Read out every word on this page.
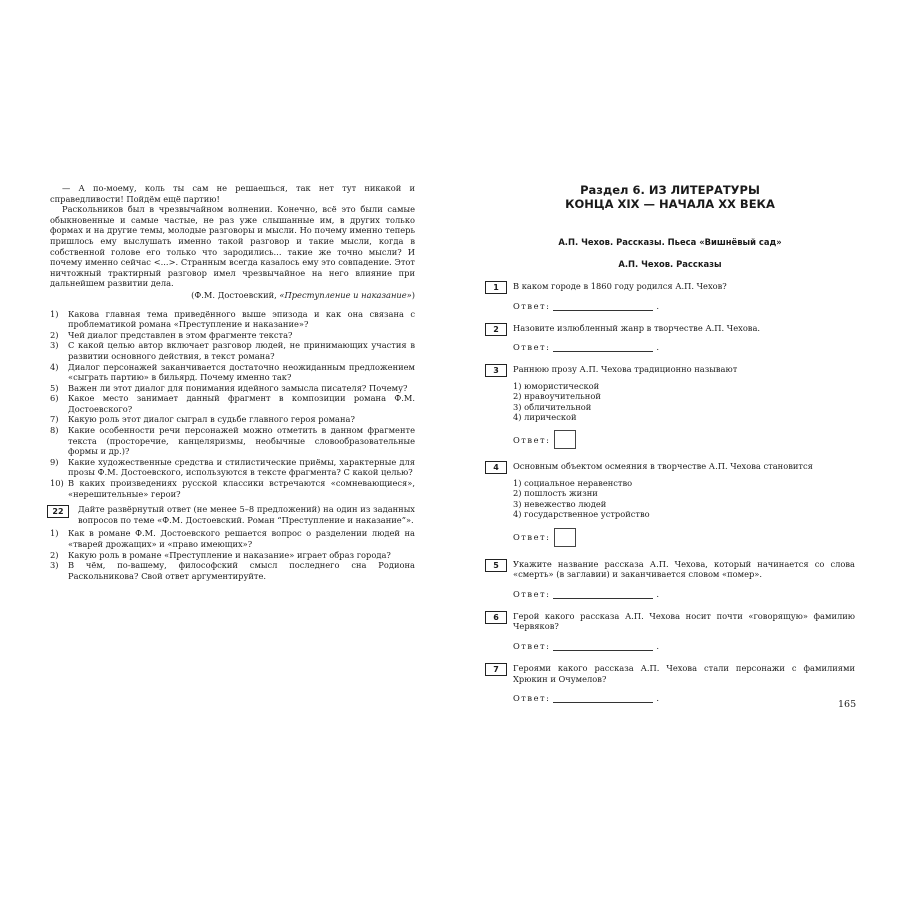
— А по-моему, коль ты сам не решаешься, так нет тут никакой и справедливости! Пойдём ещё партию!

Раскольников был в чрезвычайном волнении. Конечно, всё это были самые обыкновенные и самые частые, не раз уже слышанные им, в других только формах и на другие темы, молодые разговоры и мысли. Но почему именно теперь пришлось ему выслушать именно такой разговор и такие мысли, когда в собственной голове его только что зародились... такие же точно мысли? И почему именно сейчас <...>. Странным всегда казалось ему это совпадение. Этот ничтожный трактирный разговор имел чрезвычайное на него влияние при дальнейшем развитии дела.

(Ф.М. Достоевский, «Преступление и наказание»)
1) Какова главная тема приведённого выше эпизода и как она связана с проблематикой романа «Преступление и наказание»?
2) Чей диалог представлен в этом фрагменте текста?
3) С какой целью автор включает разговор людей, не принимающих участия в развитии основного действия, в текст романа?
4) Диалог персонажей заканчивается достаточно неожиданным предложением «сыграть партию» в бильярд. Почему именно так?
5) Важен ли этот диалог для понимания идейного замысла писателя? Почему?
6) Какое место занимает данный фрагмент в композиции романа Ф.М. Достоевского?
7) Какую роль этот диалог сыграл в судьбе главного героя романа?
8) Какие особенности речи персонажей можно отметить в данном фрагменте текста (просторечие, канцеляризмы, необычные словообразовательные формы и др.)?
9) Какие художественные средства и стилистические приёмы, характерные для прозы Ф.М. Достоевского, используются в тексте фрагмента? С какой целью?
10) В каких произведениях русской классики встречаются «сомневающиеся», «нерешительные» герои?
22	Дайте развёрнутый ответ (не менее 5–8 предложений) на один из заданных вопросов по теме «Ф.М. Достоевский. Роман “Преступление и наказание”».

1) Как в романе Ф.М. Достоевского решается вопрос о разделении людей на «тварей дрожащих» и «право имеющих»?
2) Какую роль в романе «Преступление и наказание» играет образ города?
3) В чём, по-вашему, философский смысл последнего сна Родиона Раскольникова? Свой ответ аргументируйте.
Раздел 6. ИЗ ЛИТЕРАТУРЫ
КОНЦА XIX — НАЧАЛА XX ВЕКА
А.П. Чехов. Рассказы. Пьеса «Вишнёвый сад»
А.П. Чехов. Рассказы
1	В каком городе в 1860 году родился А.П. Чехов?
Ответ:	.
2	Назовите излюбленный жанр в творчестве А.П. Чехова.
Ответ:	.
3	Раннюю прозу А.П. Чехова традиционно называют
1) юмористической
2) нравоучительной
3) обличительной
4) лирической
Ответ:
4	Основным объектом осмеяния в творчестве А.П. Чехова становится
1) социальное неравенство
2) пошлость жизни
3) невежество людей
4) государственное устройство
Ответ:
5	Укажите название рассказа А.П. Чехова, который начинается со слова «смерть» (в заглавии) и заканчивается словом «помер».
Ответ:	.
6	Герой какого рассказа А.П. Чехова носит почти «говорящую» фамилию Червяков?
Ответ:	.
7	Героями какого рассказа А.П. Чехова стали персонажи с фамилиями Хрюкин и Очумелов?
Ответ:	.
165
